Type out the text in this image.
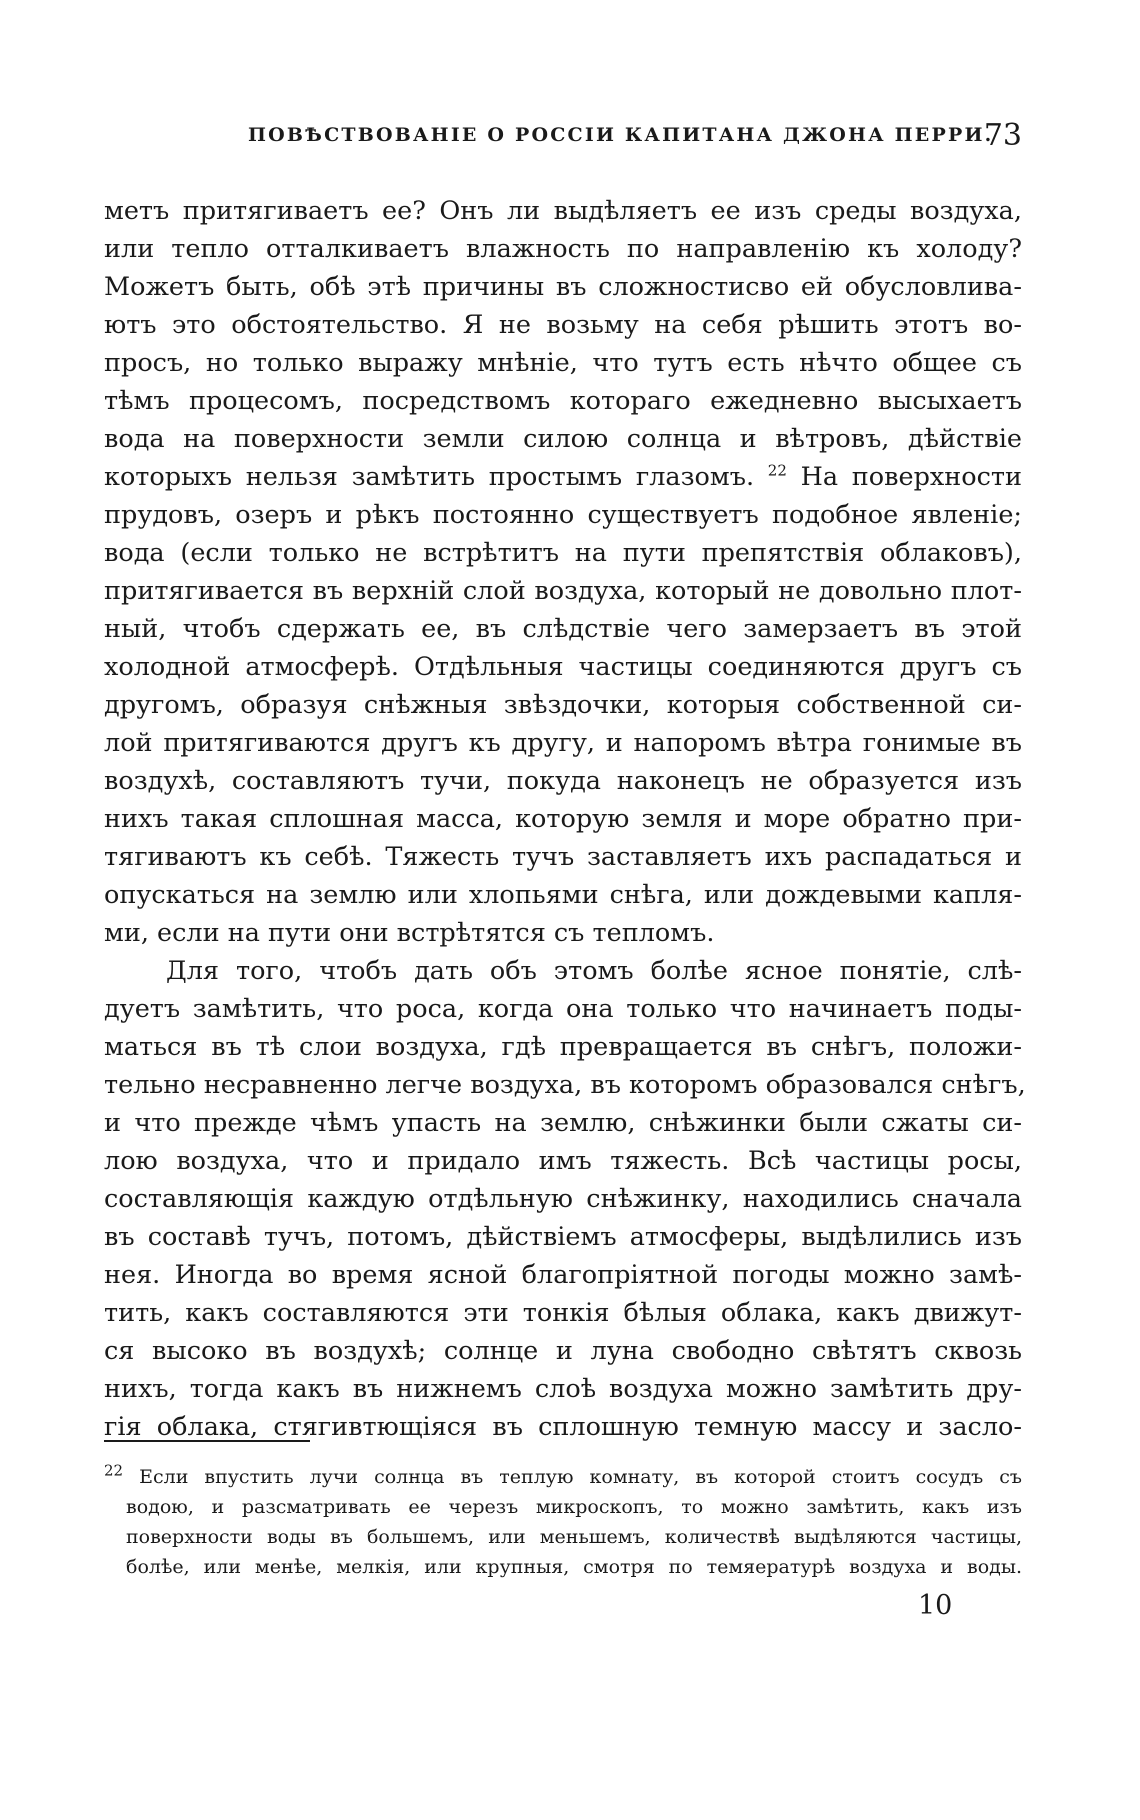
ПОВѢСТВОВАНІЕ О РОССІИ КАПИТАНА ДЖОНА ПЕРРИ.
73
метъ притягиваетъ ее? Онъ ли выдѣляетъ ее изъ среды воздуха,
или тепло отталкиваетъ влажность по направленію къ холоду?
Можетъ быть, обѣ этѣ причины въ сложностисво ей обусловлива-
ютъ это обстоятельство. Я не возьму на себя рѣшить этотъ во-
просъ, но только выражу мнѣніе, что тутъ есть нѣчто общее съ
тѣмъ процесомъ, посредствомъ котораго ежедневно высыхаетъ
вода на поверхности земли силою солнца и вѣтровъ, дѣйствіе
которыхъ нельзя замѣтить простымъ глазомъ. $^{22}$ На поверхности
прудовъ, озеръ и рѣкъ постоянно существуетъ подобное явленіе;
вода (если только не встрѣтитъ на пути препятствія облаковъ),
притягивается въ верхній слой воздуха, который не довольно плот-
ный, чтобъ сдержать ее, въ слѣдствіе чего замерзаетъ въ этой
холодной атмосферѣ. Отдѣльныя частицы соединяются другъ съ
другомъ, образуя снѣжныя звѣздочки, которыя собственной си-
лой притягиваются другъ къ другу, и напоромъ вѣтра гонимые въ
воздухѣ, составляютъ тучи, покуда наконецъ не образуется изъ
нихъ такая сплошная масса, которую земля и море обратно при-
тягиваютъ къ себѣ. Тяжесть тучъ заставляетъ ихъ распадаться и
опускаться на землю или хлопьями снѣга, или дождевыми капля-
ми, если на пути они встрѣтятся съ тепломъ.
Для того, чтобъ дать объ этомъ болѣе ясное понятіе, слѣ-
дуетъ замѣтить, что роса, когда она только что начинаетъ поды-
маться въ тѣ слои воздуха, гдѣ превращается въ снѣгъ, положи-
тельно несравненно легче воздуха, въ которомъ образовался снѣгъ,
и что прежде чѣмъ упасть на землю, снѣжинки были сжаты си-
лою воздуха, что и придало имъ тяжесть. Всѣ частицы росы,
составляющія каждую отдѣльную снѣжинку, находились сначала
въ составѣ тучъ, потомъ, дѣйствіемъ атмосферы, выдѣлились изъ
нея. Иногда во время ясной благопріятной погоды можно замѣ-
тить, какъ составляются эти тонкія бѣлыя облака, какъ движут-
ся высоко въ воздухѣ; солнце и луна свободно свѣтятъ сквозь
нихъ, тогда какъ въ нижнемъ слоѣ воздуха можно замѣтить дру-
гія облака, стягивтющіяся въ сплошную темную массу и засло-
$^{22}$ Если впустить лучи солнца въ теплую комнату, въ которой стоитъ сосудъ съ
водою, и разсматривать ее черезъ микроскопъ, то можно замѣтить, какъ изъ
поверхности воды въ большемъ, или меньшемъ, количествѣ выдѣляются частицы,
болѣе, или менѣе, мелкія, или крупныя, смотря по темяературѣ воздуха и воды.
10
